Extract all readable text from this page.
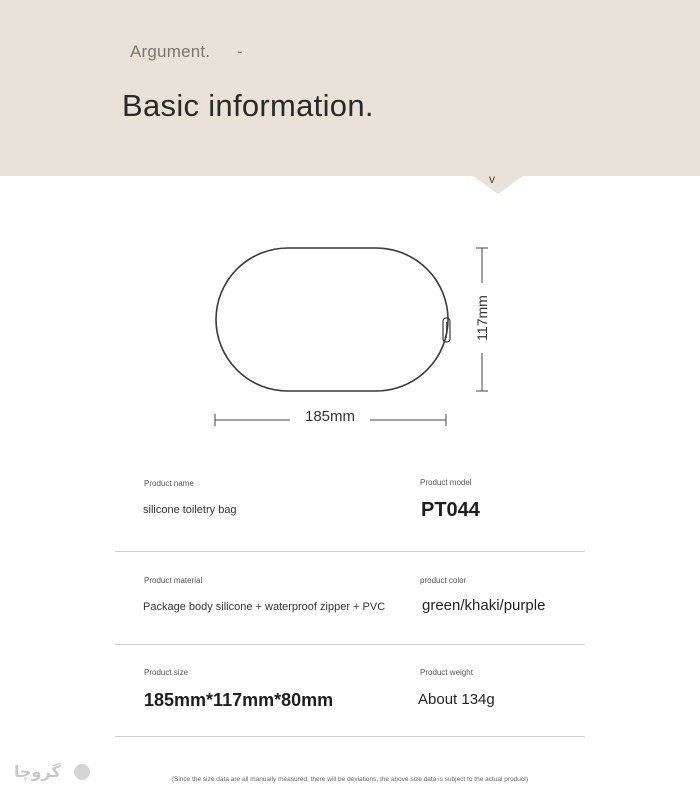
Argument. -
Basic information.
v
185mm
117mm
Product name
silicone toiletry bag
Product model
PT044
Product material
Package body silicone + waterproof zipper + PVC
product color
green/khaki/purple
Product size
185mm*117mm*80mm
Product weight
About 134g
(Since the size data are all manually measured, there will be deviations, the above size data is subject to the actual product)
گروچا
